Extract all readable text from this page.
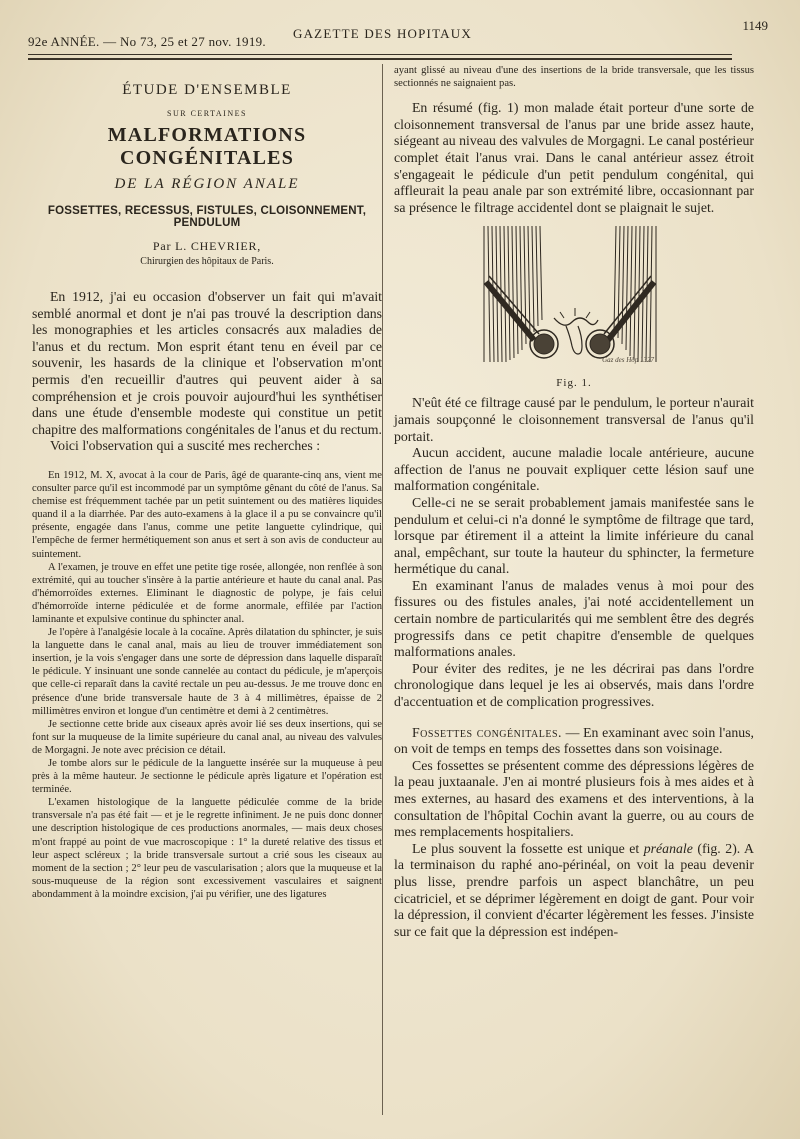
92e ANNÉE. — No 73, 25 et 27 nov. 1919.
GAZETTE DES HOPITAUX
1149
ÉTUDE D'ENSEMBLE
SUR CERTAINES
MALFORMATIONS CONGÉNITALES
DE LA RÉGION ANALE
FOSSETTES, RECESSUS, FISTULES, CLOISONNEMENT, PENDULUM
Par L. CHEVRIER,
Chirurgien des hôpitaux de Paris.

En 1912, j'ai eu occasion d'observer un fait qui m'avait semblé anormal et dont je n'ai pas trouvé la description dans les monographies et les articles consacrés aux maladies de l'anus et du rectum. Mon esprit étant tenu en éveil par ce souvenir, les hasards de la clinique et l'observation m'ont permis d'en recueillir d'autres qui peuvent aider à sa compréhension et je crois pouvoir aujourd'hui les synthétiser dans une étude d'ensemble modeste qui constitue un petit chapitre des malformations congénitales de l'anus et du rectum.

Voici l'observation qui a suscité mes recherches :

En 1912, M. X, avocat à la cour de Paris, âgé de quarante-cinq ans, vient me consulter parce qu'il est incommodé par un symptôme gênant du côté de l'anus. Sa chemise est fréquemment tachée par un petit suintement ou des matières liquides quand il a la diarrhée. Par des auto-examens à la glace il a pu se convaincre qu'il présente, engagée dans l'anus, comme une petite languette cylindrique, qui l'empêche de fermer hermétiquement son anus et sert à son avis de conducteur au suintement.

A l'examen, je trouve en effet une petite tige rosée, allongée, non renflée à son extrémité, qui au toucher s'insère à la partie antérieure et haute du canal anal. Pas d'hémorroïdes externes. Eliminant le diagnostic de polype, je fais celui d'hémorroïde interne pédiculée et de forme anormale, effilée par l'action laminante et expulsive continue du sphincter anal.

Je l'opère à l'analgésie locale à la cocaïne. Après dilatation du sphincter, je suis la languette dans le canal anal, mais au lieu de trouver immédiatement son insertion, je la vois s'engager dans une sorte de dépression dans laquelle disparaît le pédicule. Y insinuant une sonde cannelée au contact du pédicule, je m'aperçois que celle-ci reparaît dans la cavité rectale un peu au-dessus. Je me trouve donc en présence d'une bride transversale haute de 3 à 4 millimètres, épaisse de 2 millimètres environ et longue d'un centimètre et demi à 2 centimètres.

Je sectionne cette bride aux ciseaux après avoir lié ses deux insertions, qui se font sur la muqueuse de la limite supérieure du canal anal, au niveau des valvules de Morgagni. Je note avec précision ce détail.

Je tombe alors sur le pédicule de la languette insérée sur la muqueuse à peu près à la même hauteur. Je sectionne le pédicule après ligature et l'opération est terminée.

L'examen histologique de la languette pédiculée comme de la bride transversale n'a pas été fait — et je le regrette infiniment. Je ne puis donc donner une description histologique de ces productions anormales, — mais deux choses m'ont frappé au point de vue macroscopique : 1° la dureté relative des tissus et leur aspect scléreux ; la bride transversale surtout a crié sous les ciseaux au moment de la section ; 2° leur peu de vascularisation ; alors que la muqueuse et la sous-muqueuse de la région sont excessivement vasculaires et saignent abondamment à la moindre excision, j'ai pu vérifier, une des ligatures

ayant glissé au niveau d'une des insertions de la bride transversale, que les tissus sectionnés ne saignaient pas.

En résumé (fig. 1) mon malade était porteur d'une sorte de cloisonnement transversal de l'anus par une bride assez haute, siégeant au niveau des valvules de Morgagni. Le canal postérieur complet était l'anus vrai. Dans le canal antérieur assez étroit s'engageait le pédicule d'un petit pendulum congénital, qui affleurait la peau anale par son extrémité libre, occasionnant par sa présence le filtrage accidentel dont se plaignait le sujet.

Gaz des Hôp 1327
Fig. 1.

N'eût été ce filtrage causé par le pendulum, le porteur n'aurait jamais soupçonné le cloisonnement transversal de l'anus qu'il portait.

Aucun accident, aucune maladie locale antérieure, aucune affection de l'anus ne pouvait expliquer cette lésion sauf une malformation congénitale.

Celle-ci ne se serait probablement jamais manifestée sans le pendulum et celui-ci n'a donné le symptôme de filtrage que tard, lorsque par étirement il a atteint la limite inférieure du canal anal, empêchant, sur toute la hauteur du sphincter, la fermeture hermétique du canal.

En examinant l'anus de malades venus à moi pour des fissures ou des fistules anales, j'ai noté accidentellement un certain nombre de particularités qui me semblent être des degrés progressifs dans ce petit chapitre d'ensemble de quelques malformations anales.

Pour éviter des redites, je ne les décrirai pas dans l'ordre chronologique dans lequel je les ai observés, mais dans l'ordre d'accentuation et de complication progressives.

Fossettes congénitales. — En examinant avec soin l'anus, on voit de temps en temps des fossettes dans son voisinage.

Ces fossettes se présentent comme des dépressions légères de la peau juxtaanale. J'en ai montré plusieurs fois à mes aides et à mes externes, au hasard des examens et des interventions, à la consultation de l'hôpital Cochin avant la guerre, ou au cours de mes remplacements hospitaliers.

Le plus souvent la fossette est unique et préanale (fig. 2). A la terminaison du raphé ano-périnéal, on voit la peau devenir plus lisse, prendre parfois un aspect blanchâtre, un peu cicatriciel, et se déprimer légèrement en doigt de gant. Pour voir la dépression, il convient d'écarter légèrement les fesses. J'insiste sur ce fait que la dépression est indépen-
